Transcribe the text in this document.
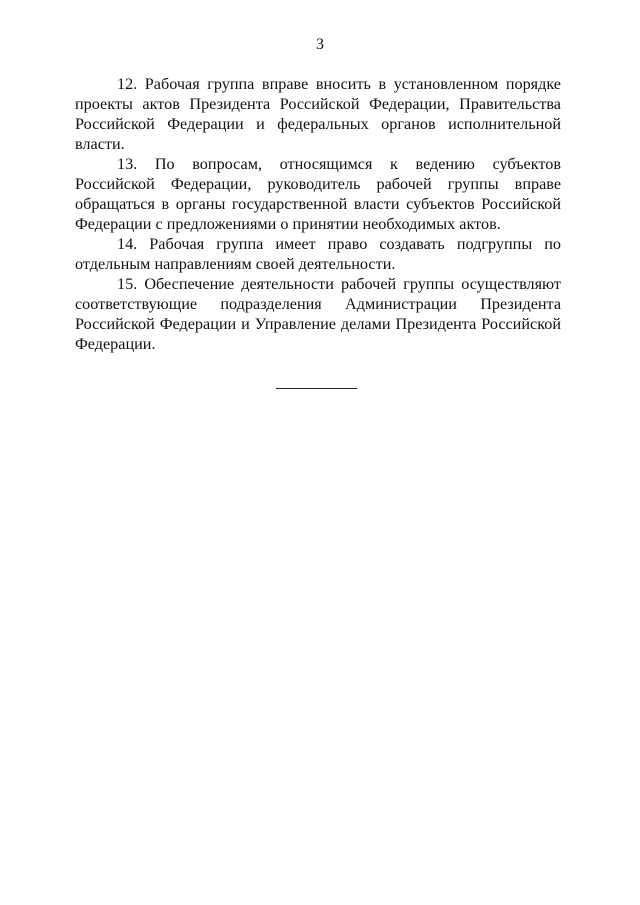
3

12. Рабочая группа вправе вносить в установленном порядке проекты актов Президента Российской Федерации, Правительства Российской Федерации и федеральных органов исполнительной власти.

13. По вопросам, относящимся к ведению субъектов Российской Федерации, руководитель рабочей группы вправе обращаться в органы государственной власти субъектов Российской Федерации с предложениями о принятии необходимых актов.

14. Рабочая группа имеет право создавать подгруппы по отдельным направлениям своей деятельности.

15. Обеспечение деятельности рабочей группы осуществляют соответствующие подразделения Администрации Президента Российской Федерации и Управление делами Президента Российской Федерации.
